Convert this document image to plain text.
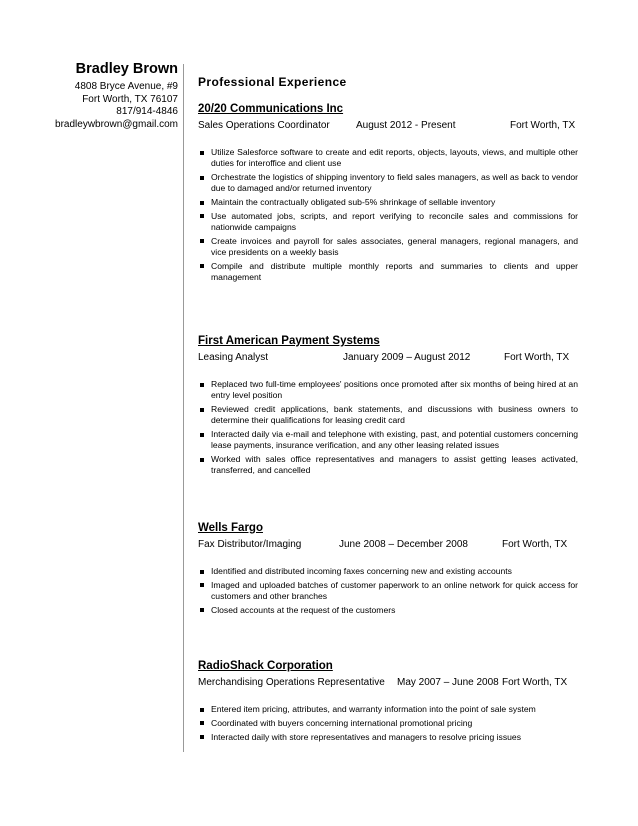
Bradley Brown
4808 Bryce Avenue, #9
Fort Worth, TX 76107
817/914-4846
bradleywbrown@gmail.com
Professional Experience
20/20 Communications Inc
Sales Operations Coordinator	August 2012 - Present	Fort Worth, TX
Utilize Salesforce software to create and edit reports, objects, layouts, views, and multiple other duties for interoffice and client use
Orchestrate the logistics of shipping inventory to field sales managers, as well as back to vendor due to damaged and/or returned inventory
Maintain the contractually obligated sub-5% shrinkage of sellable inventory
Use automated jobs, scripts, and report verifying to reconcile sales and commissions for nationwide campaigns
Create invoices and payroll for sales associates, general managers, regional managers, and vice presidents on a weekly basis
Compile and distribute multiple monthly reports and summaries to clients and upper management
First American Payment Systems
Leasing Analyst	January 2009 – August 2012	Fort Worth, TX
Replaced two full-time employees' positions once promoted after six months of being hired at an entry level position
Reviewed credit applications, bank statements, and discussions with business owners to determine their qualifications for leasing credit card
Interacted daily via e-mail and telephone with existing, past, and potential customers concerning lease payments, insurance verification, and any other leasing related issues
Worked with sales office representatives and managers to assist getting leases activated, transferred, and cancelled
Wells Fargo
Fax Distributor/Imaging	June 2008 – December 2008	Fort Worth, TX
Identified and distributed incoming faxes concerning new and existing accounts
Imaged and uploaded batches of customer paperwork to an online network for quick access for customers and other branches
Closed accounts at the request of the customers
RadioShack Corporation
Merchandising Operations Representative May 2007 – June 2008 Fort Worth, TX
Entered item pricing, attributes, and warranty information into the point of sale system
Coordinated with buyers concerning international promotional pricing
Interacted daily with store representatives and managers to resolve pricing issues
